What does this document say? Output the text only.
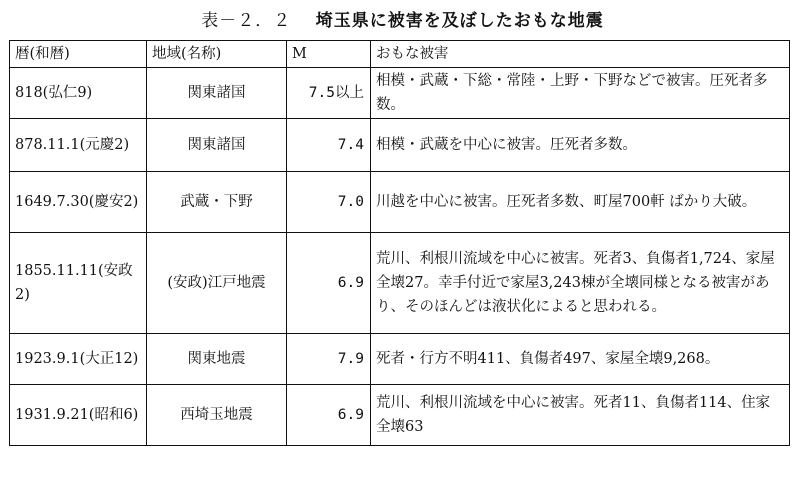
表－２．２ 埼玉県に被害を及ぼしたおもな地震
暦(和暦)	地域(名称)	M	おもな被害
818(弘仁9)	関東諸国	7.5以上	相模・武蔵・下総・常陸・上野・下野などで被害。圧死者多数。
878.11.1(元慶2)	関東諸国	7.4	相模・武蔵を中心に被害。圧死者多数。
1649.7.30(慶安2)	武蔵・下野	7.0	川越を中心に被害。圧死者多数、町屋700軒 ばかり大破。
1855.11.11(安政2)	(安政)江戸地震	6.9	荒川、利根川流域を中心に被害。死者3、負傷者1,724、家屋全壊27。幸手付近で家屋3,243棟が全壊同様となる被害があり、そのほんどは液状化によると思われる。
1923.9.1(大正12)	関東地震	7.9	死者・行方不明411、負傷者497、家屋全壊9,268。
1931.9.21(昭和6)	西埼玉地震	6.9	荒川、利根川流域を中心に被害。死者11、負傷者114、住家全壊63
